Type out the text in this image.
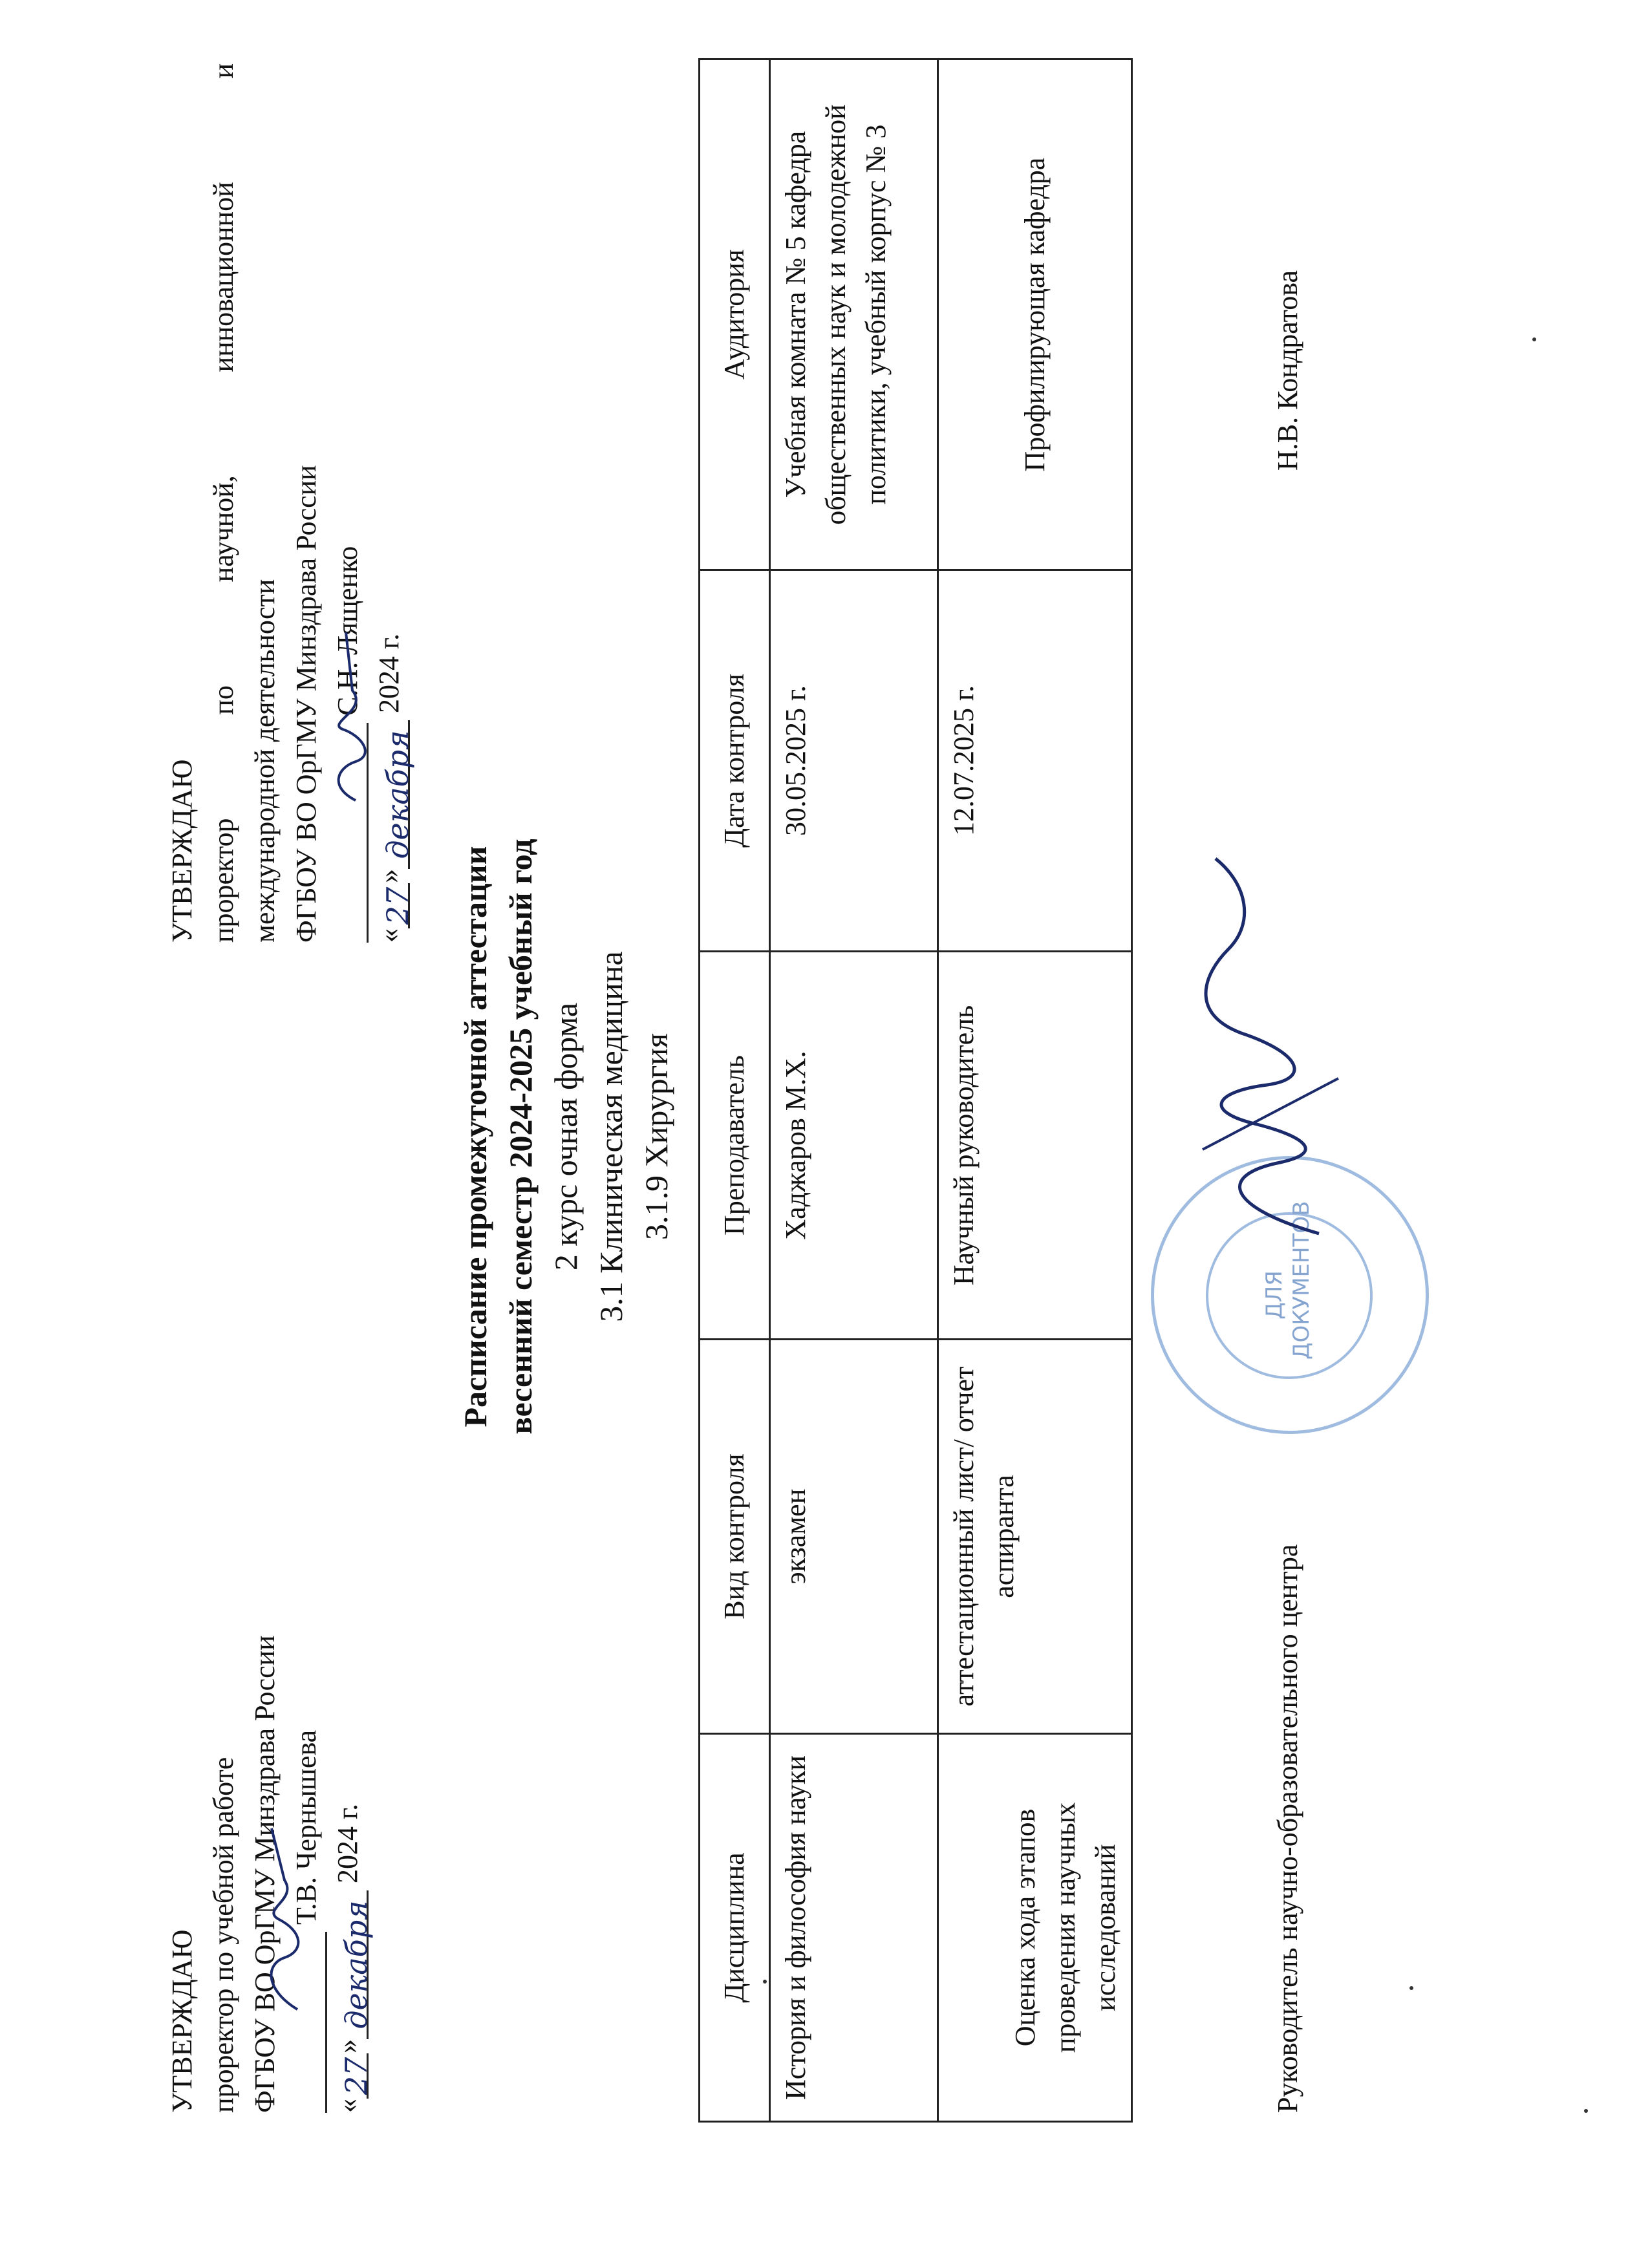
УТВЕРЖДАЮ проректор по учебной работе ФГБОУ ВО ОрГМУ Минздрава России Т.В. Чернышева
«27»декабря 2024 г.
УТВЕРЖДАЮ проректор по научной, инновационной и международной деятельности ФГБОУ ВО ОрГМУ Минздрава России С.Н. Лященко
«27»декабря 2024 г.
Расписание промежуточной аттестации весенний семестр 2024-2025 учебный год 2 курс очная форма 3.1 Клиническая медицина 3.1.9 Хирургия
Дисциплина	Вид контроля	Преподаватель	Дата контроля	Аудитория
История и философия науки	экзамен	Хаджаров М.Х.	30.05.2025 г.	Учебная комната № 5 кафедра общественных наук и молодежной политики, учебный корпус № 3
Оценка хода этапов проведения научных исследований	аттестационный лист/ отчет аспиранта	Научный руководитель	12.07.2025 г.	Профилирующая кафедра
Руководитель научно-образовательного центра
Н.В. Кондратова
ДЛЯ ДОКУМЕНТОВ
